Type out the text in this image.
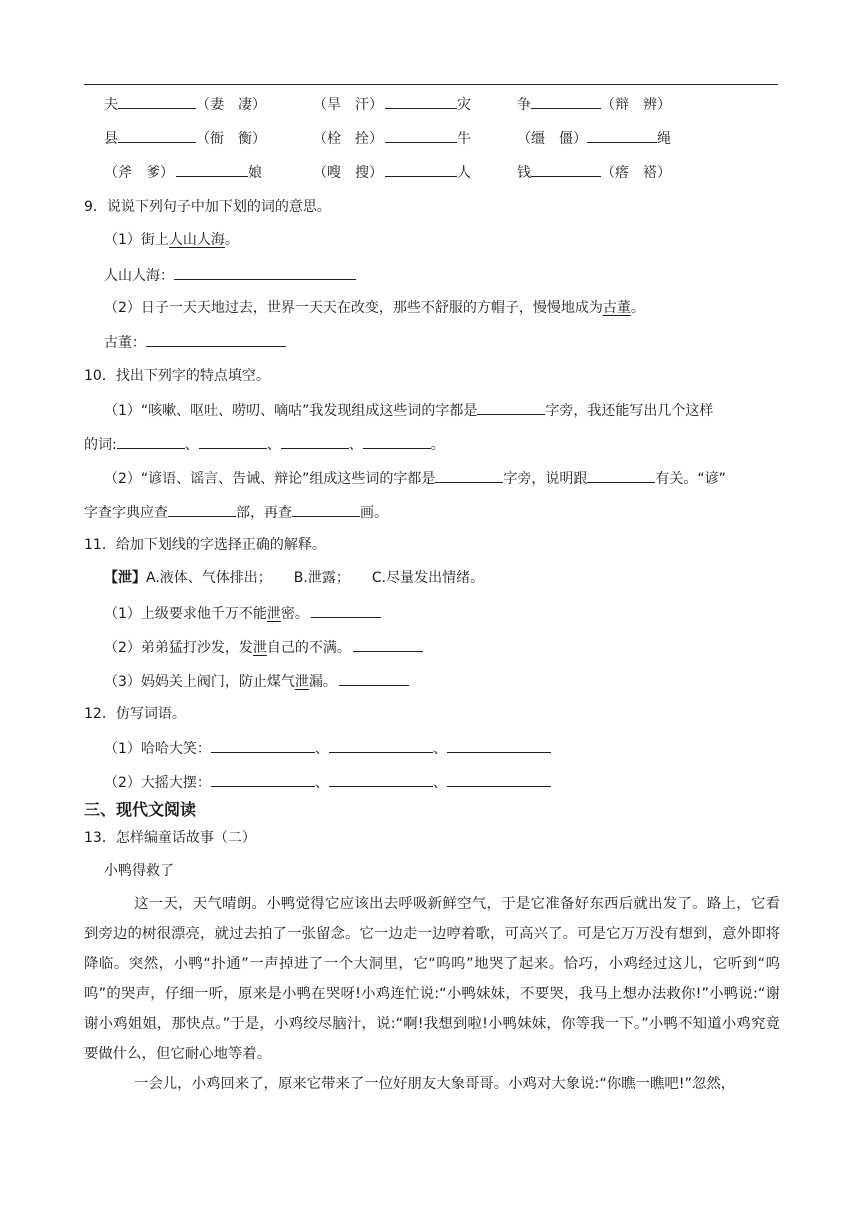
夫	（妻　凄）	（旱　汗）	灾	争	（辩　辨）
县	（衙　衡）	（栓　拴）	牛	（缰　僵）	绳
（斧　爹）	娘	（嗖　搜）	人	钱	（瘩　褡）
9．说说下列句子中加下划的词的意思。
（1）街上人山人海。
人山人海：
（2）日子一天天地过去，世界一天天在改变，那些不舒服的方帽子，慢慢地成为古董。
古董：
10．找出下列字的特点填空。
（1）“咳嗽、呕吐、唠叨、嘀咕”我发现组成这些词的字都是	字旁，我还能写出几个这样
的词:	、	、	、	。
（2）“谚语、谣言、告诫、辩论”组成这些词的字都是	字旁，说明跟	有关。“谚”
字查字典应查	部，再查	画。
11．给加下划线的字选择正确的解释。
【泄】A.液体、气体排出； B.泄露； C.尽量发出情绪。
（1）上级要求他千万不能泄密。
（2）弟弟猛打沙发，发泄自己的不满。
（3）妈妈关上阀门，防止煤气泄漏。
12．仿写词语。
（1）哈哈大笑：	、	、
（2）大摇大摆：	、	、
三、现代文阅读
13．怎样编童话故事（二）
小鸭得救了

这一天，天气晴朗。小鸭觉得它应该出去呼吸新鲜空气，于是它准备好东西后就出发了。路上，它看到旁边的树很漂亮，就过去拍了一张留念。它一边走一边哼着歌，可高兴了。可是它万万没有想到，意外即将降临。突然，小鸭“扑通”一声掉进了一个大洞里，它“呜呜”地哭了起来。恰巧，小鸡经过这儿，它听到“呜呜”的哭声，仔细一听，原来是小鸭在哭呀!小鸡连忙说:“小鸭妹妹，不要哭，我马上想办法救你!”小鸭说:“谢谢小鸡姐姐，那快点。”于是，小鸡绞尽脑汁，说:“啊!我想到啦!小鸭妹妹，你等我一下。”小鸭不知道小鸡究竟要做什么，但它耐心地等着。

一会儿，小鸡回来了，原来它带来了一位好朋友大象哥哥。小鸡对大象说:“你瞧一瞧吧!”忽然，
